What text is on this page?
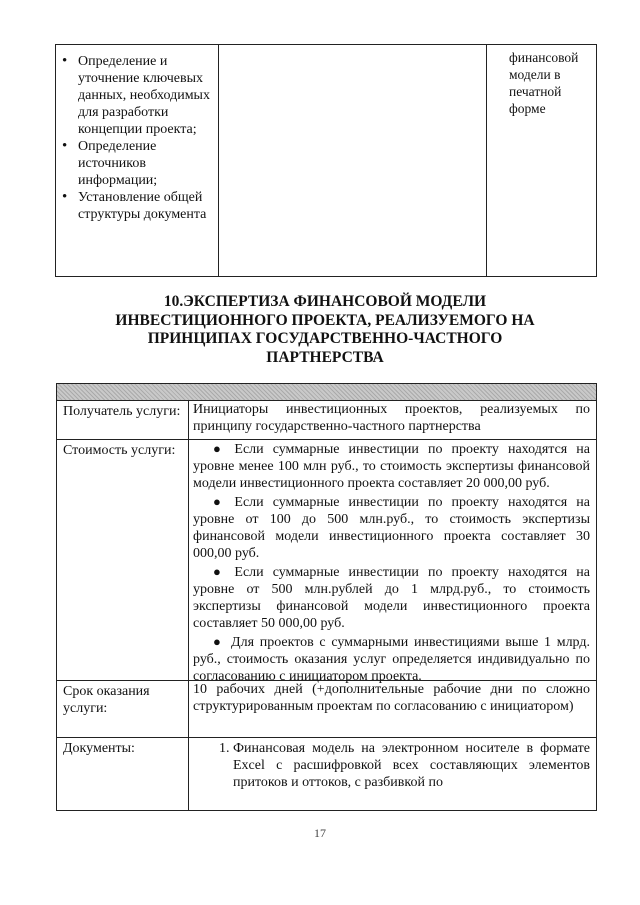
• Определение и уточнение ключевых данных, необходимых для разработки концепции проекта;
• Определение источников информации;
• Установление общей структуры документа

финансовой модели в печатной форме

10.ЭКСПЕРТИЗА ФИНАНСОВОЙ МОДЕЛИ
ИНВЕСТИЦИОННОГО ПРОЕКТА, РЕАЛИЗУЕМОГО НА
ПРИНЦИПАХ ГОСУДАРСТВЕННО-ЧАСТНОГО
ПАРТНЕРСТВА
Получатель услуги: Инициаторы инвестиционных проектов, реализуемых по принципу государственно-частного партнерства
Стоимость услуги:	● Если суммарные инвестиции по проекту находятся на уровне менее 100 млн руб., то стоимость экспертизы финансовой модели инвестиционного проекта составляет 20 000,00 руб.

● Если суммарные инвестиции по проекту находятся на уровне от 100 до 500 млн.руб., то стоимость экспертизы финансовой модели инвестиционного проекта составляет 30 000,00 руб.

● Если суммарные инвестиции по проекту находятся на уровне от 500 млн.рублей до 1 млрд.руб., то стоимость экспертизы финансовой модели инвестиционного проекта составляет 50 000,00 руб.

● Для проектов с суммарными инвестициями выше 1 млрд. руб., стоимость оказания услуг определяется индивидуально по согласованию с инициатором проекта.

Срок оказания услуги:
10 рабочих дней (+дополнительные рабочие дни по сложно структурированным проектам по согласованию с инициатором)
Документы:
1.	Финансовая модель на электронном носителе в формате Excel с расшифровкой всех составляющих элементов притоков и оттоков, с разбивкой по
17
